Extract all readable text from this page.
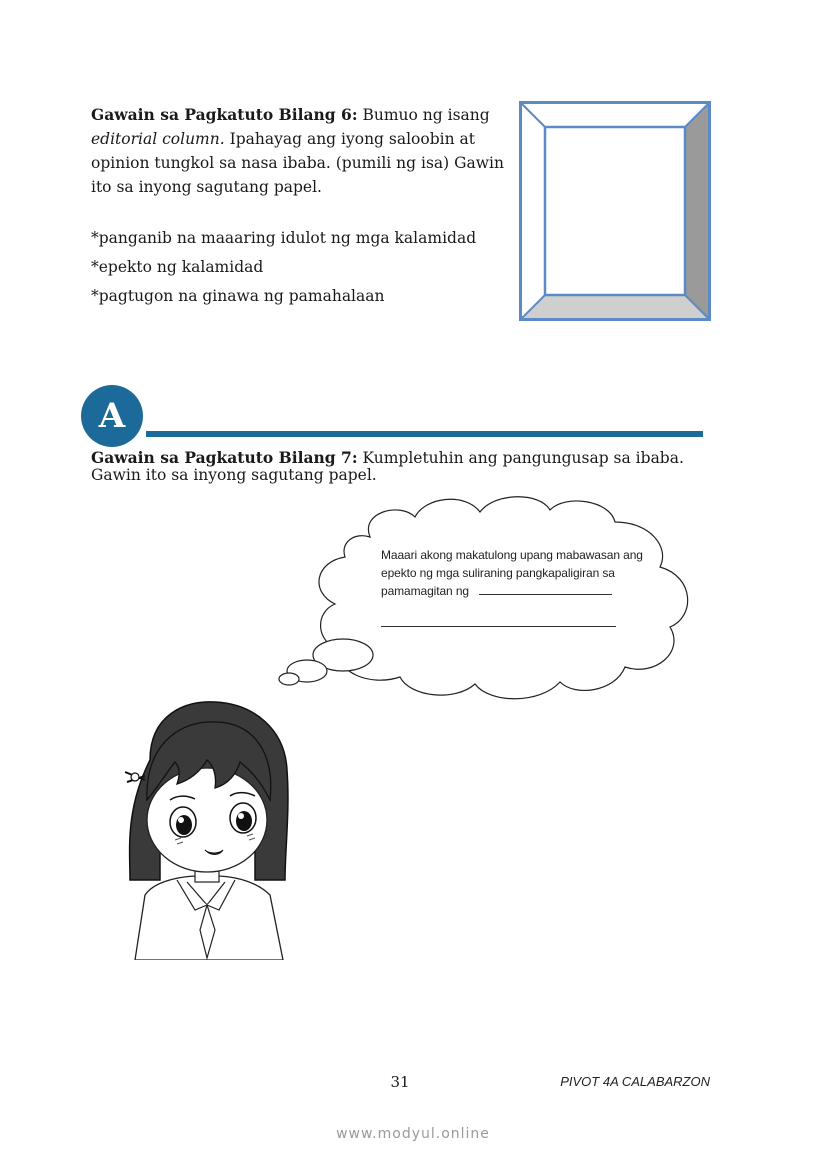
Gawain sa Pagkatuto Bilang 6: Bumuo ng isang editorial column. Ipahayag ang iyong saloobin at opinion tungkol sa nasa ibaba. (pumili ng isa) Gawin ito sa inyong sagutang papel.
*panganib na maaaring idulot ng mga kalamidad
*epekto ng kalamidad
*pagtugon na ginawa ng pamahalaan
A
Gawain sa Pagkatuto Bilang 7: Kumpletuhin ang pangungusap sa ibaba. Gawin ito sa inyong sagutang papel.
Maaari akong makatulong upang mabawasan ang
epekto ng mga suliraning pangkapaligiran sa
pamamagitan ng
31	PIVOT 4A CALABARZON
www.modyul.online
